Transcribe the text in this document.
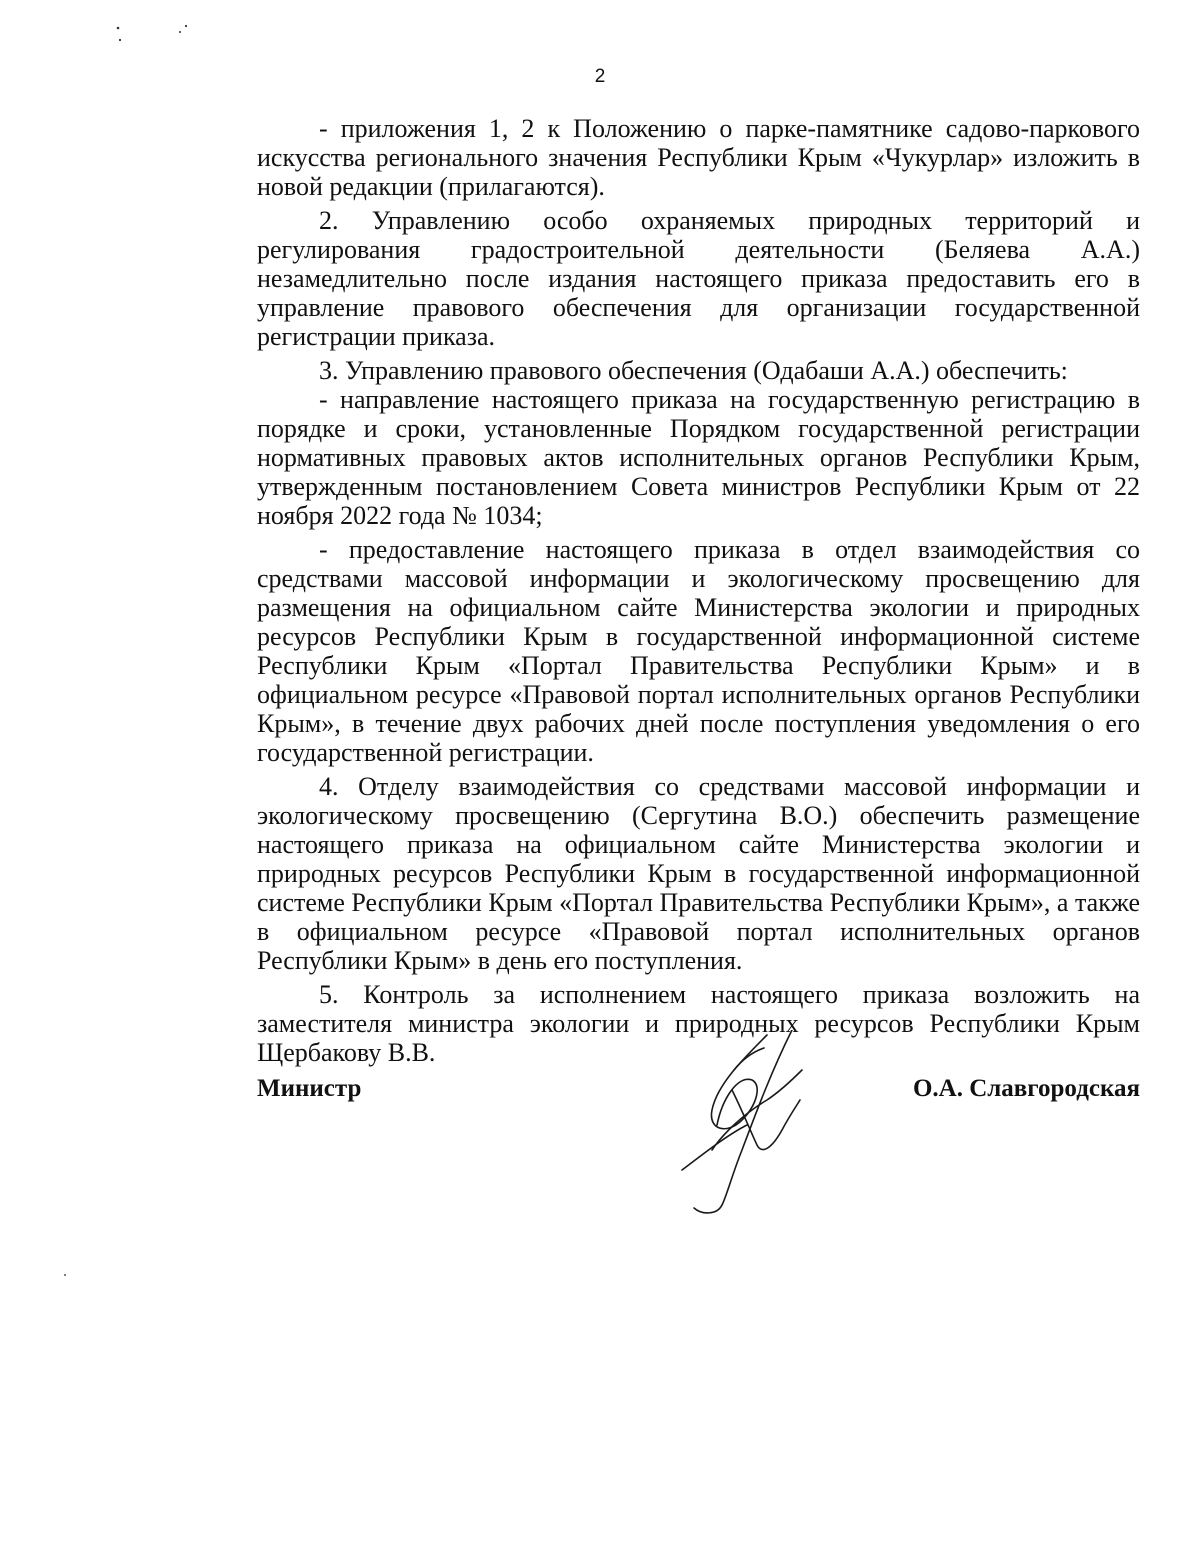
2

- приложения 1, 2 к Положению о парке-памятнике садово-паркового искусства регионального значения Республики Крым «Чукурлар» изложить в новой редакции (прилагаются).

2. Управлению особо охраняемых природных территорий и регулирования градостроительной деятельности (Беляева А.А.) незамедлительно после издания настоящего приказа предоставить его в управление правового обеспечения для организации государственной регистрации приказа.

3. Управлению правового обеспечения (Одабаши А.А.) обеспечить:

- направление настоящего приказа на государственную регистрацию в порядке и сроки, установленные Порядком государственной регистрации нормативных правовых актов исполнительных органов Республики Крым, утвержденным постановлением Совета министров Республики Крым от 22 ноября 2022 года № 1034;

- предоставление настоящего приказа в отдел взаимодействия со средствами массовой информации и экологическому просвещению для размещения на официальном сайте Министерства экологии и природных ресурсов Республики Крым в государственной информационной системе Республики Крым «Портал Правительства Республики Крым» и в официальном ресурсе «Правовой портал исполнительных органов Республики Крым», в течение двух рабочих дней после поступления уведомления о его государственной регистрации.

4. Отделу взаимодействия со средствами массовой информации и экологическому просвещению (Сергутина В.О.) обеспечить размещение настоящего приказа на официальном сайте Министерства экологии и природных ресурсов Республики Крым в государственной информационной системе Республики Крым «Портал Правительства Республики Крым», а также в официальном ресурсе «Правовой портал исполнительных органов Республики Крым» в день его поступления.

5. Контроль за исполнением настоящего приказа возложить на заместителя министра экологии и природных ресурсов Республики Крым Щербакову В.В.

Министр	О.А. Славгородская
